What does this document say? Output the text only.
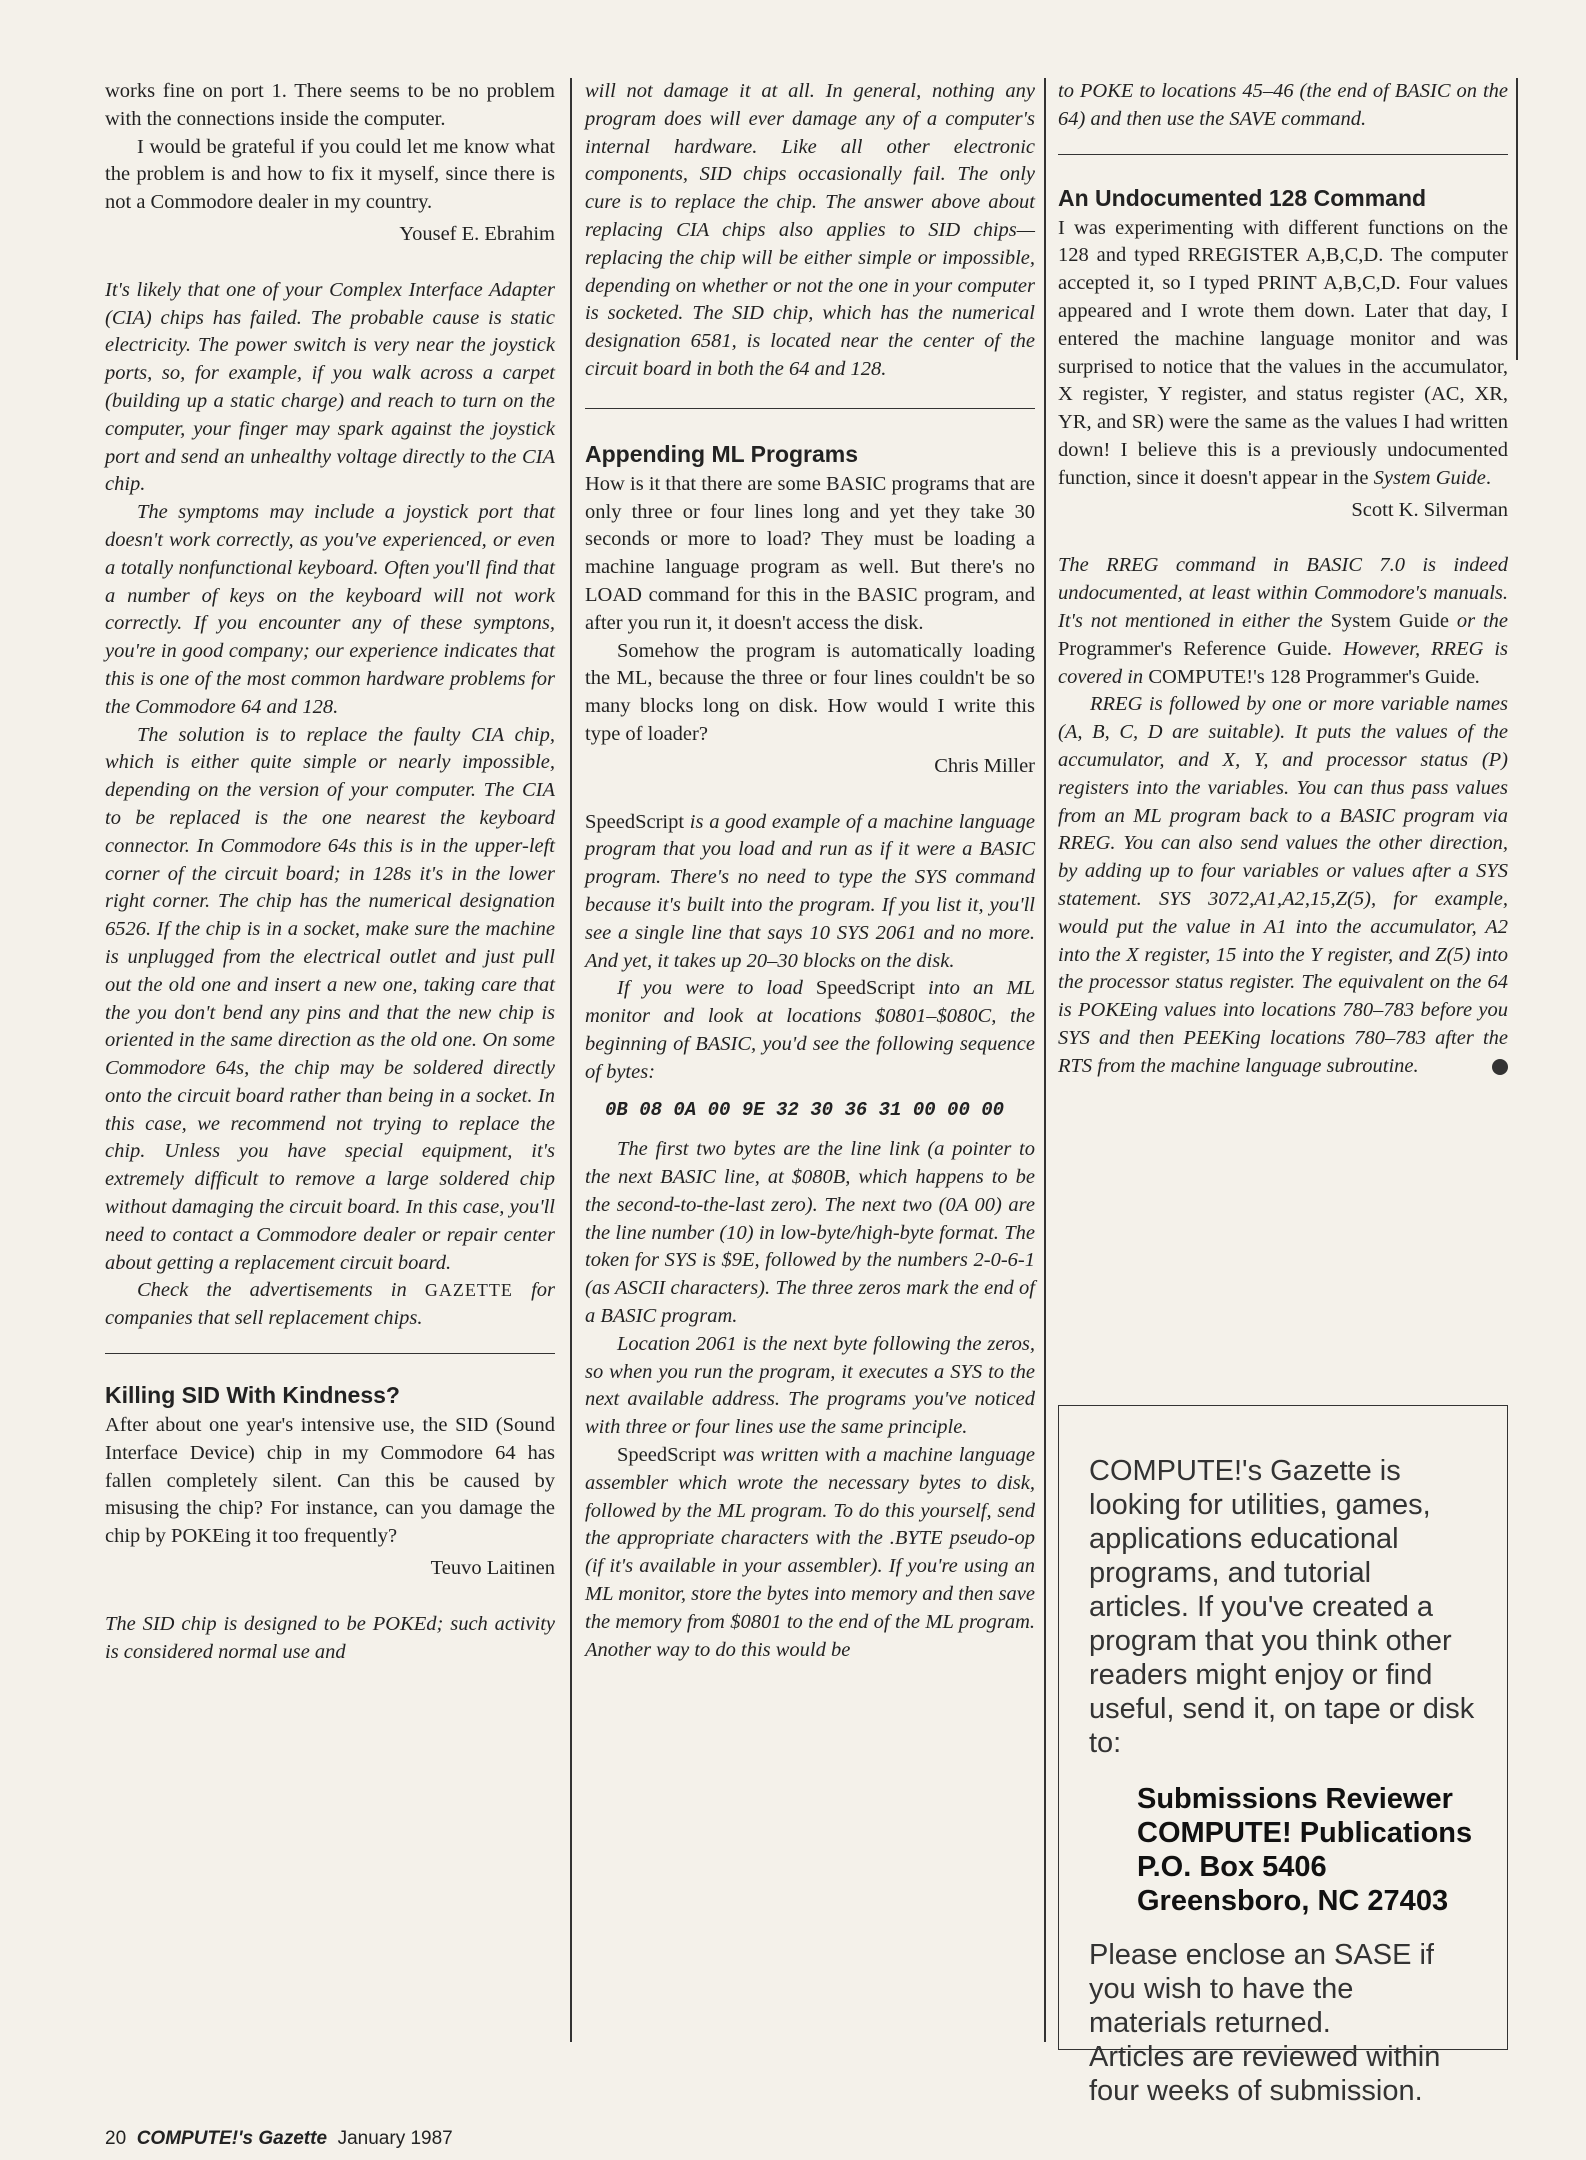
works fine on port 1. There seems to be no problem with the connections inside the computer.

I would be grateful if you could let me know what the problem is and how to fix it myself, since there is not a Commodore dealer in my country.

Yousef E. Ebrahim

It's likely that one of your Complex Interface Adapter (CIA) chips has failed. The probable cause is static electricity. The power switch is very near the joystick ports, so, for example, if you walk across a carpet (building up a static charge) and reach to turn on the computer, your finger may spark against the joystick port and send an unhealthy voltage directly to the CIA chip.

The symptoms may include a joystick port that doesn't work correctly, as you've experienced, or even a totally nonfunctional keyboard. Often you'll find that a number of keys on the keyboard will not work correctly. If you encounter any of these symptons, you're in good company; our experience indicates that this is one of the most common hardware problems for the Commodore 64 and 128.

The solution is to replace the faulty CIA chip, which is either quite simple or nearly impossible, depending on the version of your computer. The CIA to be replaced is the one nearest the keyboard connector. In Commodore 64s this is in the upper-left corner of the circuit board; in 128s it's in the lower right corner. The chip has the numerical designation 6526. If the chip is in a socket, make sure the machine is unplugged from the electrical outlet and just pull out the old one and insert a new one, taking care that the you don't bend any pins and that the new chip is oriented in the same direction as the old one. On some Commodore 64s, the chip may be soldered directly onto the circuit board rather than being in a socket. In this case, we recommend not trying to replace the chip. Unless you have special equipment, it's extremely difficult to remove a large soldered chip without damaging the circuit board. In this case, you'll need to contact a Commodore dealer or repair center about getting a replacement circuit board.

Check the advertisements in GAZETTE for companies that sell replacement chips.

Killing SID With Kindness?

After about one year's intensive use, the SID (Sound Interface Device) chip in my Commodore 64 has fallen completely silent. Can this be caused by misusing the chip? For instance, can you damage the chip by POKEing it too frequently?

Teuvo Laitinen

The SID chip is designed to be POKEd; such activity is considered normal use and

will not damage it at all. In general, nothing any program does will ever damage any of a computer's internal hardware. Like all other electronic components, SID chips occasionally fail. The only cure is to replace the chip. The answer above about replacing CIA chips also applies to SID chips—replacing the chip will be either simple or impossible, depending on whether or not the one in your computer is socketed. The SID chip, which has the numerical designation 6581, is located near the center of the circuit board in both the 64 and 128.

Appending ML Programs

How is it that there are some BASIC programs that are only three or four lines long and yet they take 30 seconds or more to load? They must be loading a machine language program as well. But there's no LOAD command for this in the BASIC program, and after you run it, it doesn't access the disk.

Somehow the program is automatically loading the ML, because the three or four lines couldn't be so many blocks long on disk. How would I write this type of loader?

Chris Miller

SpeedScript is a good example of a machine language program that you load and run as if it were a BASIC program. There's no need to type the SYS command because it's built into the program. If you list it, you'll see a single line that says 10 SYS 2061 and no more. And yet, it takes up 20–30 blocks on the disk.

If you were to load SpeedScript into an ML monitor and look at locations $0801–$080C, the beginning of BASIC, you'd see the following sequence of bytes:

0B 08 0A 00 9E 32 30 36 31 00 00 00

The first two bytes are the line link (a pointer to the next BASIC line, at $080B, which happens to be the second-to-the-last zero). The next two (0A 00) are the line number (10) in low-byte/high-byte format. The token for SYS is $9E, followed by the numbers 2-0-6-1 (as ASCII characters). The three zeros mark the end of a BASIC program.

Location 2061 is the next byte following the zeros, so when you run the program, it executes a SYS to the next available address. The programs you've noticed with three or four lines use the same principle.

SpeedScript was written with a machine language assembler which wrote the necessary bytes to disk, followed by the ML program. To do this yourself, send the appropriate characters with the .BYTE pseudo-op (if it's available in your assembler). If you're using an ML monitor, store the bytes into memory and then save the memory from $0801 to the end of the ML program. Another way to do this would be

to POKE to locations 45–46 (the end of BASIC on the 64) and then use the SAVE command.

An Undocumented 128 Command

I was experimenting with different functions on the 128 and typed RREGISTER A,B,C,D. The computer accepted it, so I typed PRINT A,B,C,D. Four values appeared and I wrote them down. Later that day, I entered the machine language monitor and was surprised to notice that the values in the accumulator, X register, Y register, and status register (AC, XR, YR, and SR) were the same as the values I had written down! I believe this is a previously undocumented function, since it doesn't appear in the System Guide.

Scott K. Silverman

The RREG command in BASIC 7.0 is indeed undocumented, at least within Commodore's manuals. It's not mentioned in either the System Guide or the Programmer's Reference Guide. However, RREG is covered in COMPUTE!'s 128 Programmer's Guide.

RREG is followed by one or more variable names (A, B, C, D are suitable). It puts the values of the accumulator, and X, Y, and processor status (P) registers into the variables. You can thus pass values from an ML program back to a BASIC program via RREG. You can also send values the other direction, by adding up to four variables or values after a SYS statement. SYS 3072,A1,A2,15,Z(5), for example, would put the value in A1 into the accumulator, A2 into the X register, 15 into the Y register, and Z(5) into the processor status register. The equivalent on the 64 is POKEing values into locations 780–783 before you SYS and then PEEKing locations 780–783 after the RTS from the machine language subroutine.

COMPUTE!'s Gazette is looking for utilities, games, applications educational programs, and tutorial articles. If you've created a program that you think other readers might enjoy or find useful, send it, on tape or disk to:

Submissions Reviewer
COMPUTE! Publications
P.O. Box 5406
Greensboro, NC 27403

Please enclose an SASE if you wish to have the materials returned.

Articles are reviewed within four weeks of submission.

20 COMPUTE!'s Gazette January 1987
